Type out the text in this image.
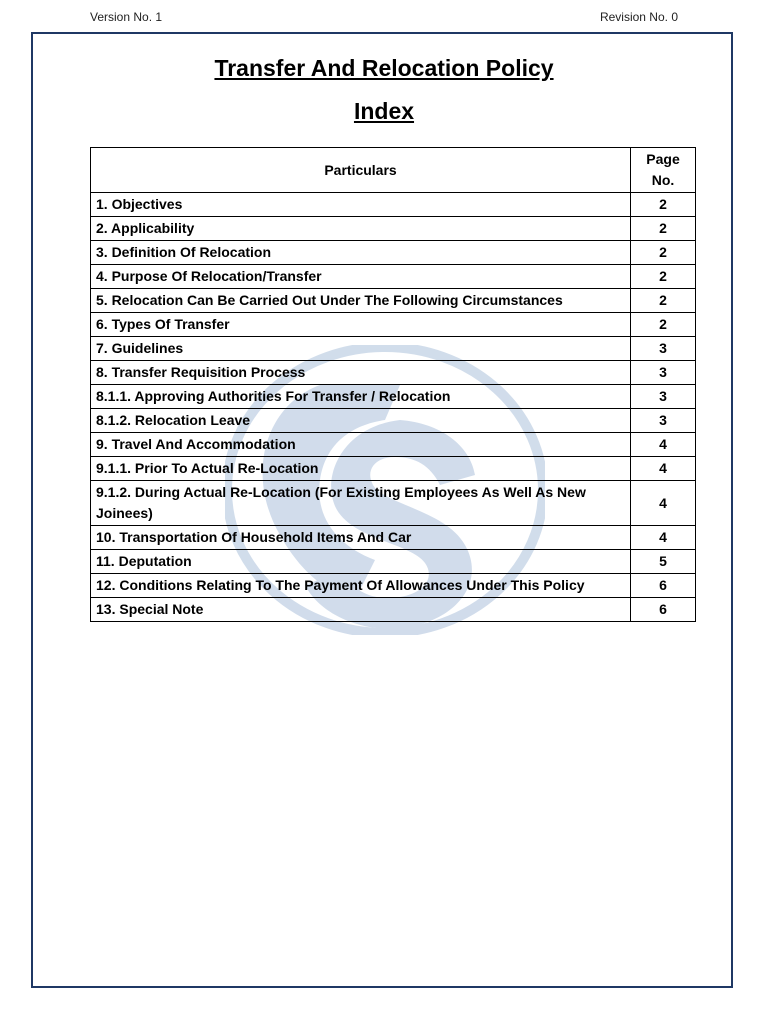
Version No. 1	Revision No. 0
Transfer And Relocation Policy
Index
Particulars	Page
No.
1. Objectives	2
2. Applicability	2
3. Definition Of Relocation	2
4. Purpose Of Relocation/Transfer	2
5. Relocation Can Be Carried Out Under The Following Circumstances	2
6. Types Of Transfer	2
7. Guidelines	3
8. Transfer Requisition Process	3
8.1.1. Approving Authorities For Transfer / Relocation	3
8.1.2. Relocation Leave	3
9. Travel And Accommodation	4
9.1.1. Prior To Actual Re-Location	4
9.1.2. During Actual Re-Location (For Existing Employees As Well As New Joinees)	4
10. Transportation Of Household Items And Car	4
11. Deputation	5
12. Conditions Relating To The Payment Of Allowances Under This Policy	6
13. Special Note	6
